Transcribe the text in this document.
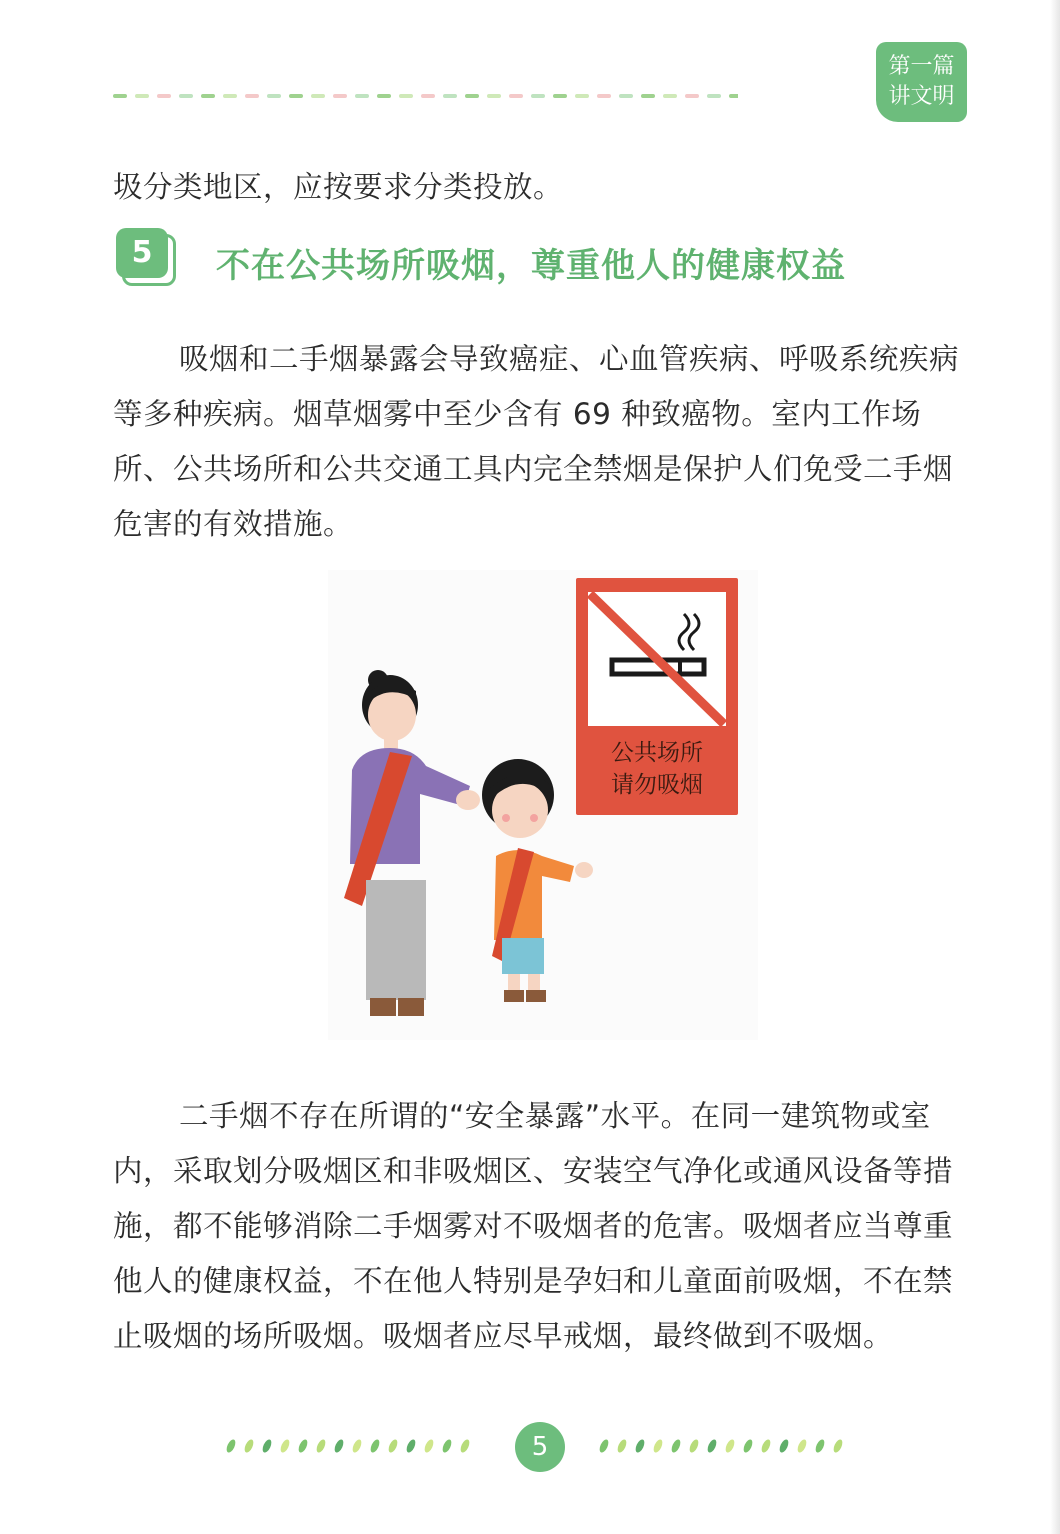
第一篇
讲文明

圾分类地区，应按要求分类投放。

5	不在公共场所吸烟，尊重他人的健康权益

吸烟和二手烟暴露会导致癌症、心血管疾病、呼吸系统疾病等多种疾病。烟草烟雾中至少含有 69 种致癌物。室内工作场所、公共场所和公共交通工具内完全禁烟是保护人们免受二手烟危害的有效措施。

公共场所
请勿吸烟

二手烟不存在所谓的“安全暴露”水平。在同一建筑物或室内，采取划分吸烟区和非吸烟区、安装空气净化或通风设备等措施，都不能够消除二手烟雾对不吸烟者的危害。吸烟者应当尊重他人的健康权益，不在他人特别是孕妇和儿童面前吸烟，不在禁止吸烟的场所吸烟。吸烟者应尽早戒烟，最终做到不吸烟。

5
